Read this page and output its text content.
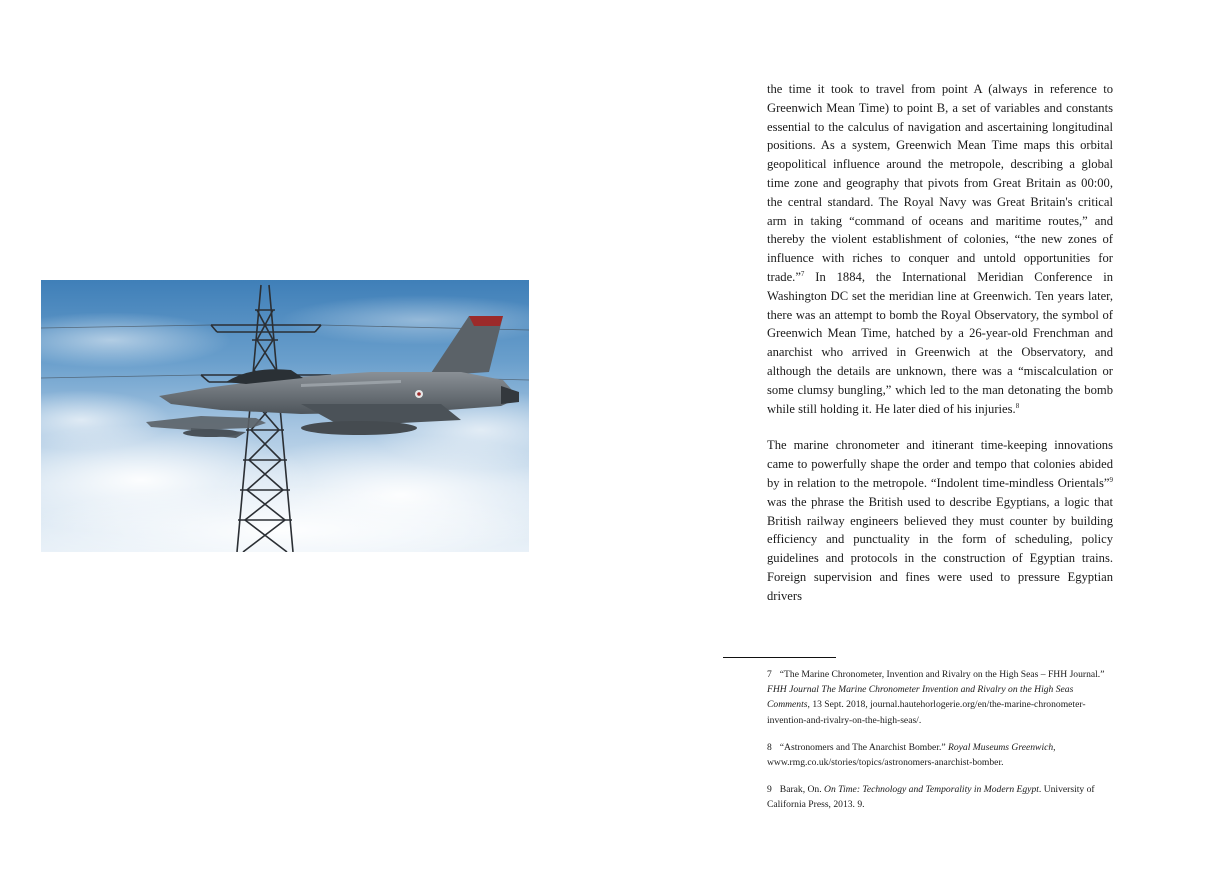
the time it took to travel from point A (always in reference to Greenwich Mean Time) to point B, a set of variables and constants essential to the calculus of navigation and ascertaining longitudinal positions. As a system, Greenwich Mean Time maps this orbital geopolitical influence around the metropole, describing a global time zone and geography that pivots from Great Britain as 00:00, the central standard. The Royal Navy was Great Britain's critical arm in taking “command of oceans and maritime routes,” and thereby the violent establishment of colonies, “the new zones of influence with riches to conquer and untold opportunities for trade.”$^7$ In 1884, the International Meridian Conference in Washington DC set the meridian line at Greenwich. Ten years later, there was an attempt to bomb the Royal Observatory, the symbol of Greenwich Mean Time, hatched by a 26-year-old Frenchman and anarchist who arrived in Greenwich at the Observatory, and although the details are unknown, there was a “miscalculation or some clumsy bungling,” which led to the man detonating the bomb while still holding it. He later died of his injuries.$^8$

The marine chronometer and itinerant time-keeping innovations came to powerfully shape the order and tempo that colonies abided by in relation to the metropole. “Indolent time-mindless Orientals”$^9$ was the phrase the British used to describe Egyptians, a logic that British railway engineers believed they must counter by building efficiency and punctuality in the form of scheduling, policy guidelines and protocols in the construction of Egyptian trains. Foreign supervision and fines were used to pressure Egyptian drivers

7 “The Marine Chronometer, Invention and Rivalry on the High Seas – FHH Journal.” FHH Journal The Marine Chronometer Invention and Rivalry on the High Seas Comments, 13 Sept. 2018, journal.hautehorlogerie.org/en/the-marine-chronometer-invention-and-rivalry-on-the-high-seas/.

8 “Astronomers and The Anarchist Bomber.” Royal Museums Greenwich, www.rmg.co.uk/stories/topics/astronomers-anarchist-bomber.

9 Barak, On. On Time: Technology and Temporality in Modern Egypt. University of California Press, 2013. 9.
